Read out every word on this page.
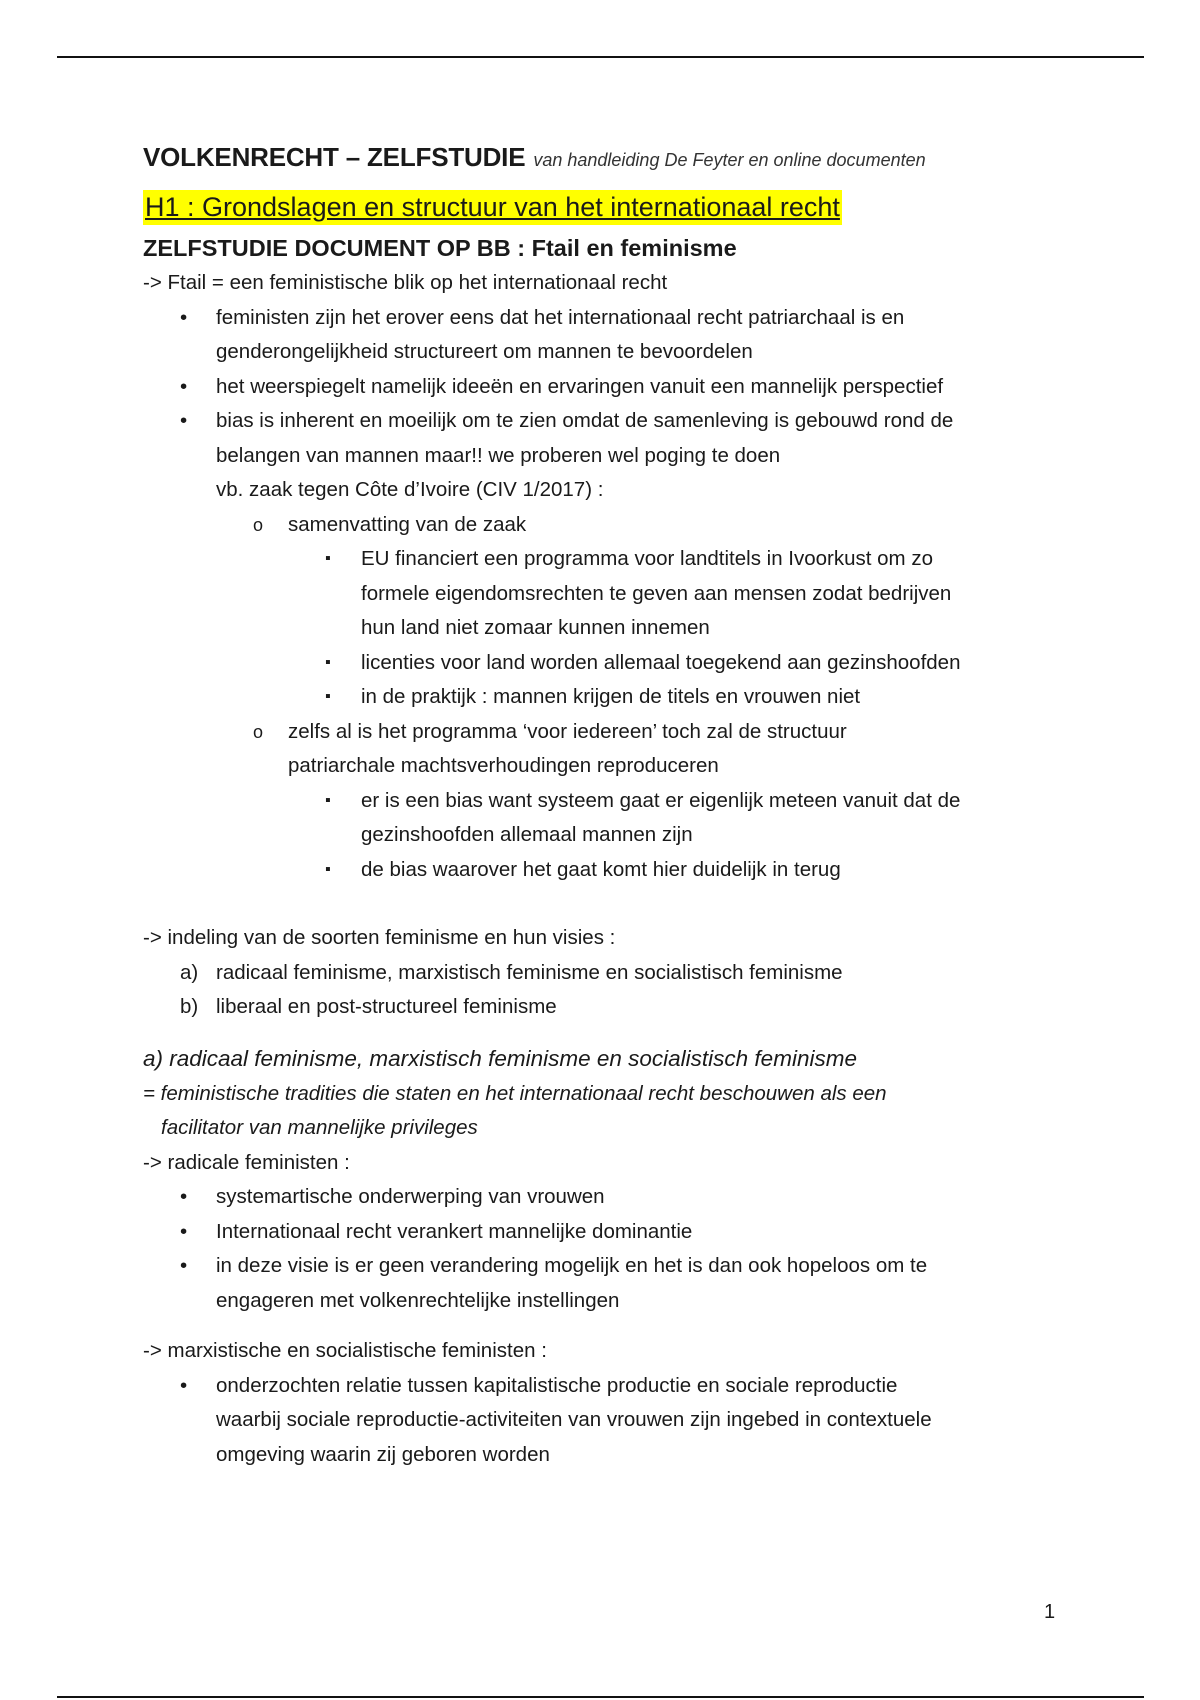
VOLKENRECHT – ZELFSTUDIE van handleiding De Feyter en online documenten
H1 : Grondslagen en structuur van het internationaal recht
ZELFSTUDIE DOCUMENT OP BB : Ftail en feminisme
-> Ftail = een feministische blik op het internationaal recht
• feministen zijn het erover eens dat het internationaal recht patriarchaal is en
genderongelijkheid structureert om mannen te bevoordelen
• het weerspiegelt namelijk ideeën en ervaringen vanuit een mannelijk perspectief
• bias is inherent en moeilijk om te zien omdat de samenleving is gebouwd rond de
belangen van mannen maar!! we proberen wel poging te doen
vb. zaak tegen Côte d’Ivoire (CIV 1/2017) :
o samenvatting van de zaak
▪ EU financiert een programma voor landtitels in Ivoorkust om zo
formele eigendomsrechten te geven aan mensen zodat bedrijven
hun land niet zomaar kunnen innemen
▪ licenties voor land worden allemaal toegekend aan gezinshoofden
▪ in de praktijk : mannen krijgen de titels en vrouwen niet
o zelfs al is het programma ‘voor iedereen’ toch zal de structuur
patriarchale machtsverhoudingen reproduceren
▪ er is een bias want systeem gaat er eigenlijk meteen vanuit dat de
gezinshoofden allemaal mannen zijn
▪ de bias waarover het gaat komt hier duidelijk in terug
-> indeling van de soorten feminisme en hun visies :
a) radicaal feminisme, marxistisch feminisme en socialistisch feminisme
b) liberaal en post-structureel feminisme
a) radicaal feminisme, marxistisch feminisme en socialistisch feminisme
= feministische tradities die staten en het internationaal recht beschouwen als een
facilitator van mannelijke privileges
-> radicale feministen :
• systemartische onderwerping van vrouwen
• Internationaal recht verankert mannelijke dominantie
• in deze visie is er geen verandering mogelijk en het is dan ook hopeloos om te
engageren met volkenrechtelijke instellingen
-> marxistische en socialistische feministen :
• onderzochten relatie tussen kapitalistische productie en sociale reproductie
waarbij sociale reproductie-activiteiten van vrouwen zijn ingebed in contextuele
omgeving waarin zij geboren worden
1
